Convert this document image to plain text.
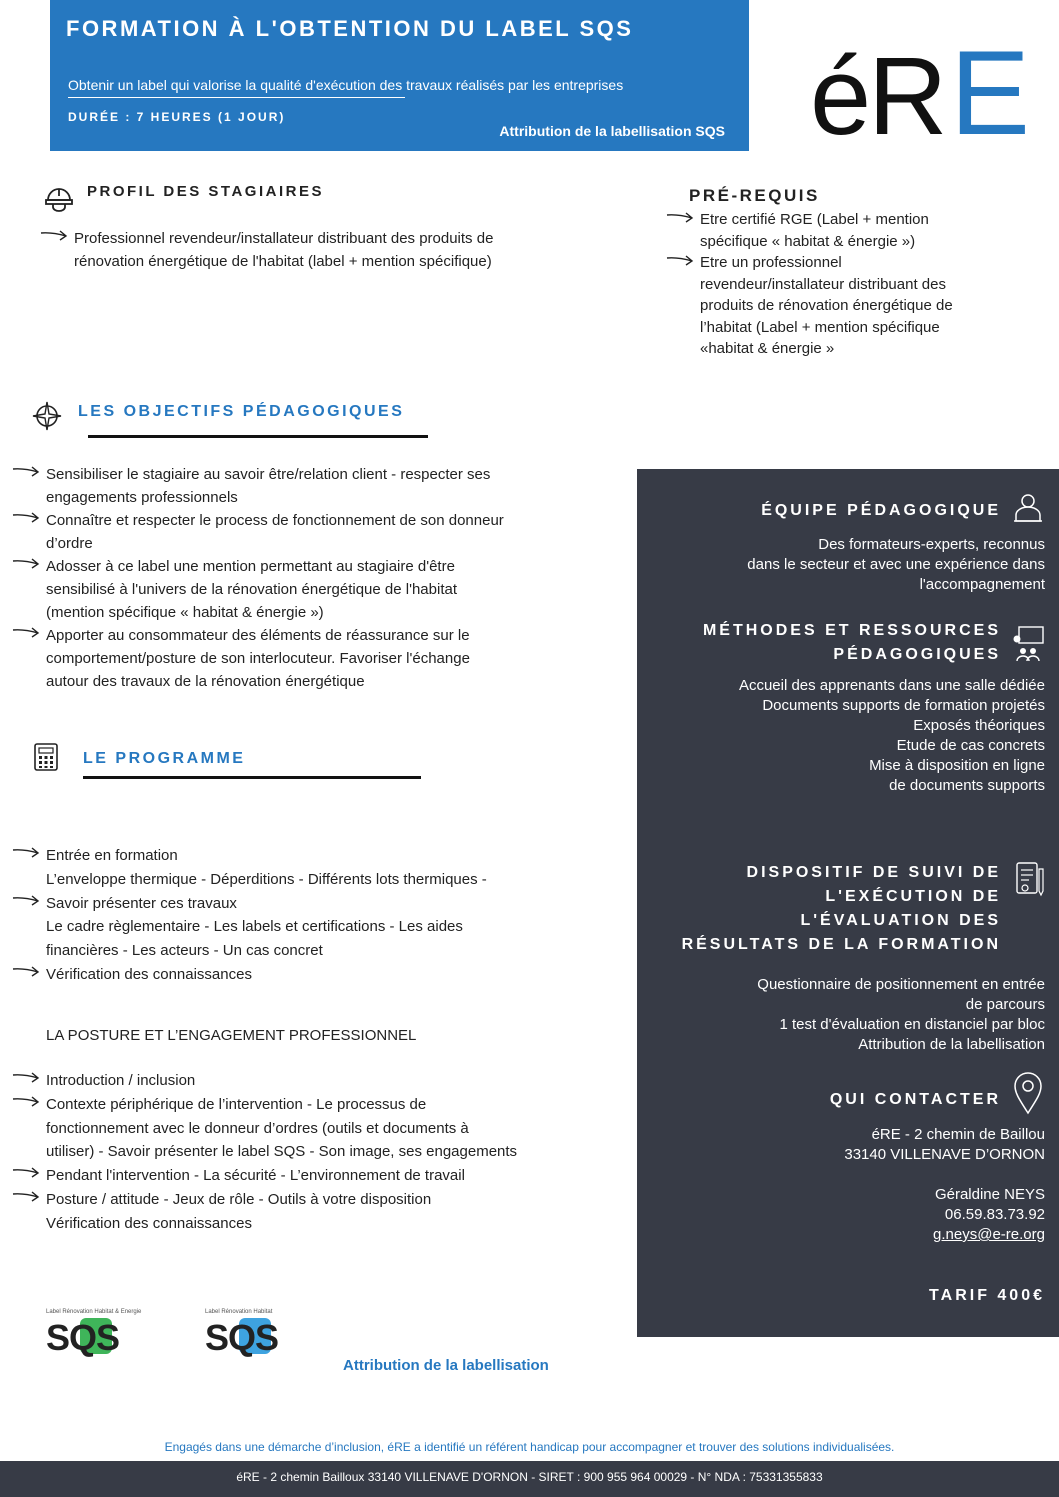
FORMATION À L'OBTENTION DU LABEL SQS
Obtenir un label qui valorise la qualité d'exécution des travaux réalisés par les entreprises
DURÉE : 7 HEURES (1 JOUR)
Attribution de la labellisation SQS é
R E
PROFIL DES STAGIAIRES
Professionnel revendeur/installateur distribuant des produits de
rénovation énergétique de l'habitat (label + mention spécifique)
PRÉ-REQUIS
Etre certifié RGE (Label + mention
spécifique « habitat & énergie »)
Etre un professionnel
revendeur/installateur distribuant des
produits de rénovation énergétique de
l’habitat (Label + mention spécifique
«habitat & énergie »
LES OBJECTIFS PÉDAGOGIQUES
Sensibiliser le stagiaire au savoir être/relation client - respecter ses
engagements professionnels
Connaître et respecter le process de fonctionnement de son donneur
d’ordre
Adosser à ce label une mention permettant au stagiaire d'être
sensibilisé à l'univers de la rénovation énergétique de l'habitat
(mention spécifique « habitat & énergie »)
Apporter au consommateur des éléments de réassurance sur le
comportement/posture de son interlocuteur. Favoriser l'échange
autour des travaux de la rénovation énergétique
LE PROGRAMME
Entrée en formation
L’enveloppe thermique - Déperditions - Différents lots thermiques -
Savoir présenter ces travaux
Le cadre règlementaire - Les labels et certifications - Les aides
financières - Les acteurs - Un cas concret
Vérification des connaissances
LA POSTURE ET L’ENGAGEMENT PROFESSIONNEL
Introduction / inclusion
Contexte périphérique de l’intervention - Le processus de
fonctionnement avec le donneur d’ordres (outils et documents à
utiliser) - Savoir présenter le label SQS - Son image, ses engagements
Pendant l'intervention - La sécurité - L’environnement de travail
Posture / attitude - Jeux de rôle - Outils à votre disposition
Vérification des connaissances
Label Rénovation Habitat & Energie
SQS
Label Rénovation Habitat
SQS
Attribution de la labellisation
ÉQUIPE PÉDAGOGIQUE
Des formateurs-experts, reconnus
dans le secteur et avec une expérience dans
l'accompagnement
MÉTHODES ET RESSOURCES
PÉDAGOGIQUES
Accueil des apprenants dans une salle dédiée
Documents supports de formation projetés
Exposés théoriques
Etude de cas concrets
Mise à disposition en ligne
de documents supports
DISPOSITIF DE SUIVI DE
L'EXÉCUTION DE
L'ÉVALUATION DES
RÉSULTATS DE LA FORMATION
Questionnaire de positionnement en entrée
de parcours
1 test d'évaluation en distanciel par bloc
Attribution de la labellisation
QUI CONTACTER
éRE - 2 chemin de Baillou
33140 VILLENAVE D’ORNON
Géraldine NEYS
06.59.83.73.92
g.neys@e-re.org
TARIF 400€
Engagés dans une démarche d’inclusion, éRE a identifié un référent handicap pour accompagner et trouver des solutions individualisées.
éRE - 2 chemin Bailloux 33140 VILLENAVE D'ORNON - SIRET : 900 955 964 00029 - N° NDA : 75331355833
